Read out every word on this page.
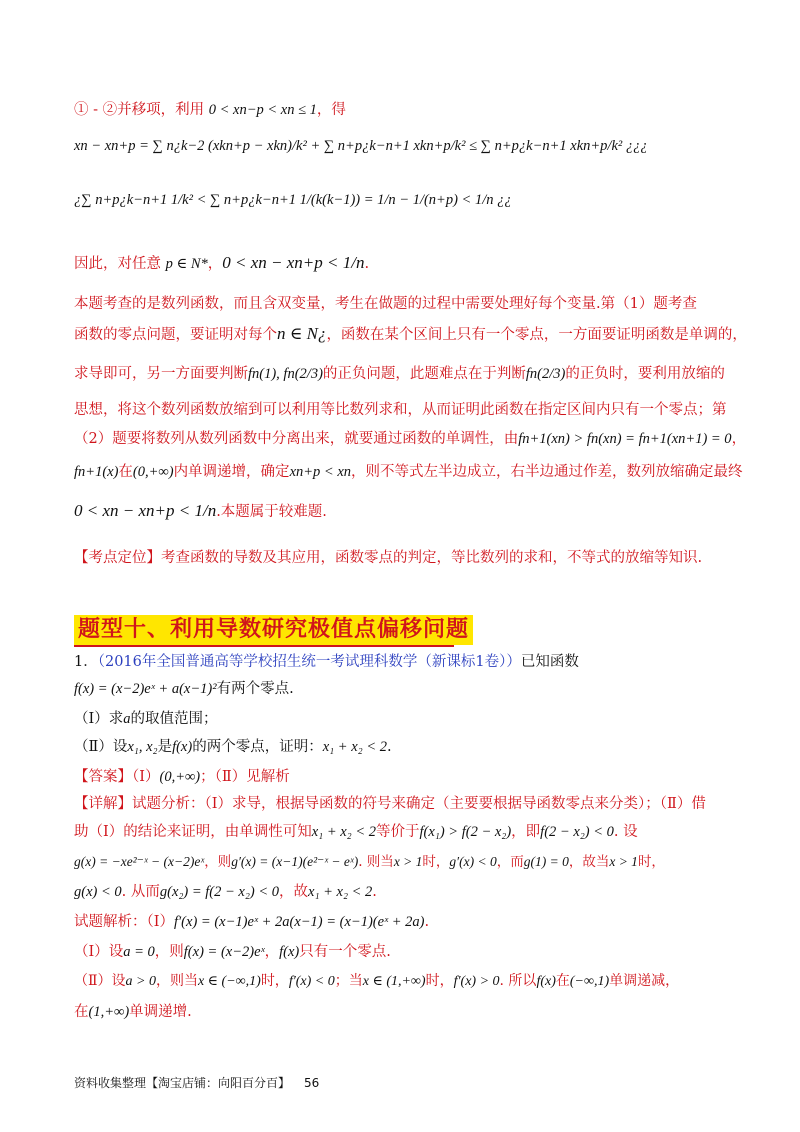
① - ②并移项，利用 0 < xn−p < xn ≤ 1，得
xn − xn+p = ∑ n¿k−2 (xkn+p − xkn)/k² + ∑ n+p¿k−n+1 xkn+p/k² ≤ ∑ n+p¿k−n+1 xkn+p/k² ¿¿¿
¿∑ n+p¿k−n+1 1/k² < ∑ n+p¿k−n+1 1/(k(k−1)) = 1/n − 1/(n+p) < 1/n ¿¿
因此，对任意 p ∈ N*，0 < xn − xn+p < 1/n.
本题考查的是数列函数，而且含双变量，考生在做题的过程中需要处理好每个变量.第（1）题考查
函数的零点问题，要证明对每个n ∈ N¿，函数在某个区间上只有一个零点，一方面要证明函数是单调的，
求导即可，另一方面要判断fn(1), fn(2/3)的正负问题，此题难点在于判断fn(2/3)的正负时，要利用放缩的
思想，将这个数列函数放缩到可以利用等比数列求和，从而证明此函数在指定区间内只有一个零点；第
（2）题要将数列从数列函数中分离出来，就要通过函数的单调性，由fn+1(xn) > fn(xn) = fn+1(xn+1) = 0，
fn+1(x)在(0,+∞)内单调递增，确定xn+p < xn，则不等式左半边成立，右半边通过作差，数列放缩确定最终
0 < xn − xn+p < 1/n.本题属于较难题.
【考点定位】考查函数的导数及其应用，函数零点的判定，等比数列的求和，不等式的放缩等知识.
题型十、利用导数研究极值点偏移问题
1．（2016年全国普通高等学校招生统一考试理科数学（新课标1卷））已知函数
f(x) = (x−2)eˣ + a(x−1)²有两个零点.
（Ⅰ）求a的取值范围；
（Ⅱ）设x₁, x₂是f(x)的两个零点，证明：x₁ + x₂ < 2.
【答案】（Ⅰ）(0,+∞)；（Ⅱ）见解析
【详解】试题分析：（Ⅰ）求导，根据导函数的符号来确定（主要要根据导函数零点来分类）；（Ⅱ）借
助（Ⅰ）的结论来证明，由单调性可知x₁ + x₂ < 2等价于f(x₁) > f(2 − x₂)，即f(2 − x₂) < 0. 设
g(x) = −xe²⁻ˣ − (x−2)eˣ，则g′(x) = (x−1)(e²⁻ˣ − eˣ). 则当x > 1时，g′(x) < 0，而g(1) = 0，故当x > 1时，
g(x) < 0. 从而g(x₂) = f(2 − x₂) < 0，故x₁ + x₂ < 2.
试题解析：（Ⅰ）f′(x) = (x−1)eˣ + 2a(x−1) = (x−1)(eˣ + 2a).
（Ⅰ）设a = 0，则f(x) = (x−2)eˣ，f(x)只有一个零点.
（Ⅱ）设a > 0，则当x ∈ (−∞,1)时，f′(x) < 0；当x ∈ (1,+∞)时，f′(x) > 0. 所以f(x)在(−∞,1)单调递减，
在(1,+∞)单调递增.
资料收集整理【淘宝店铺：向阳百分百】 56
